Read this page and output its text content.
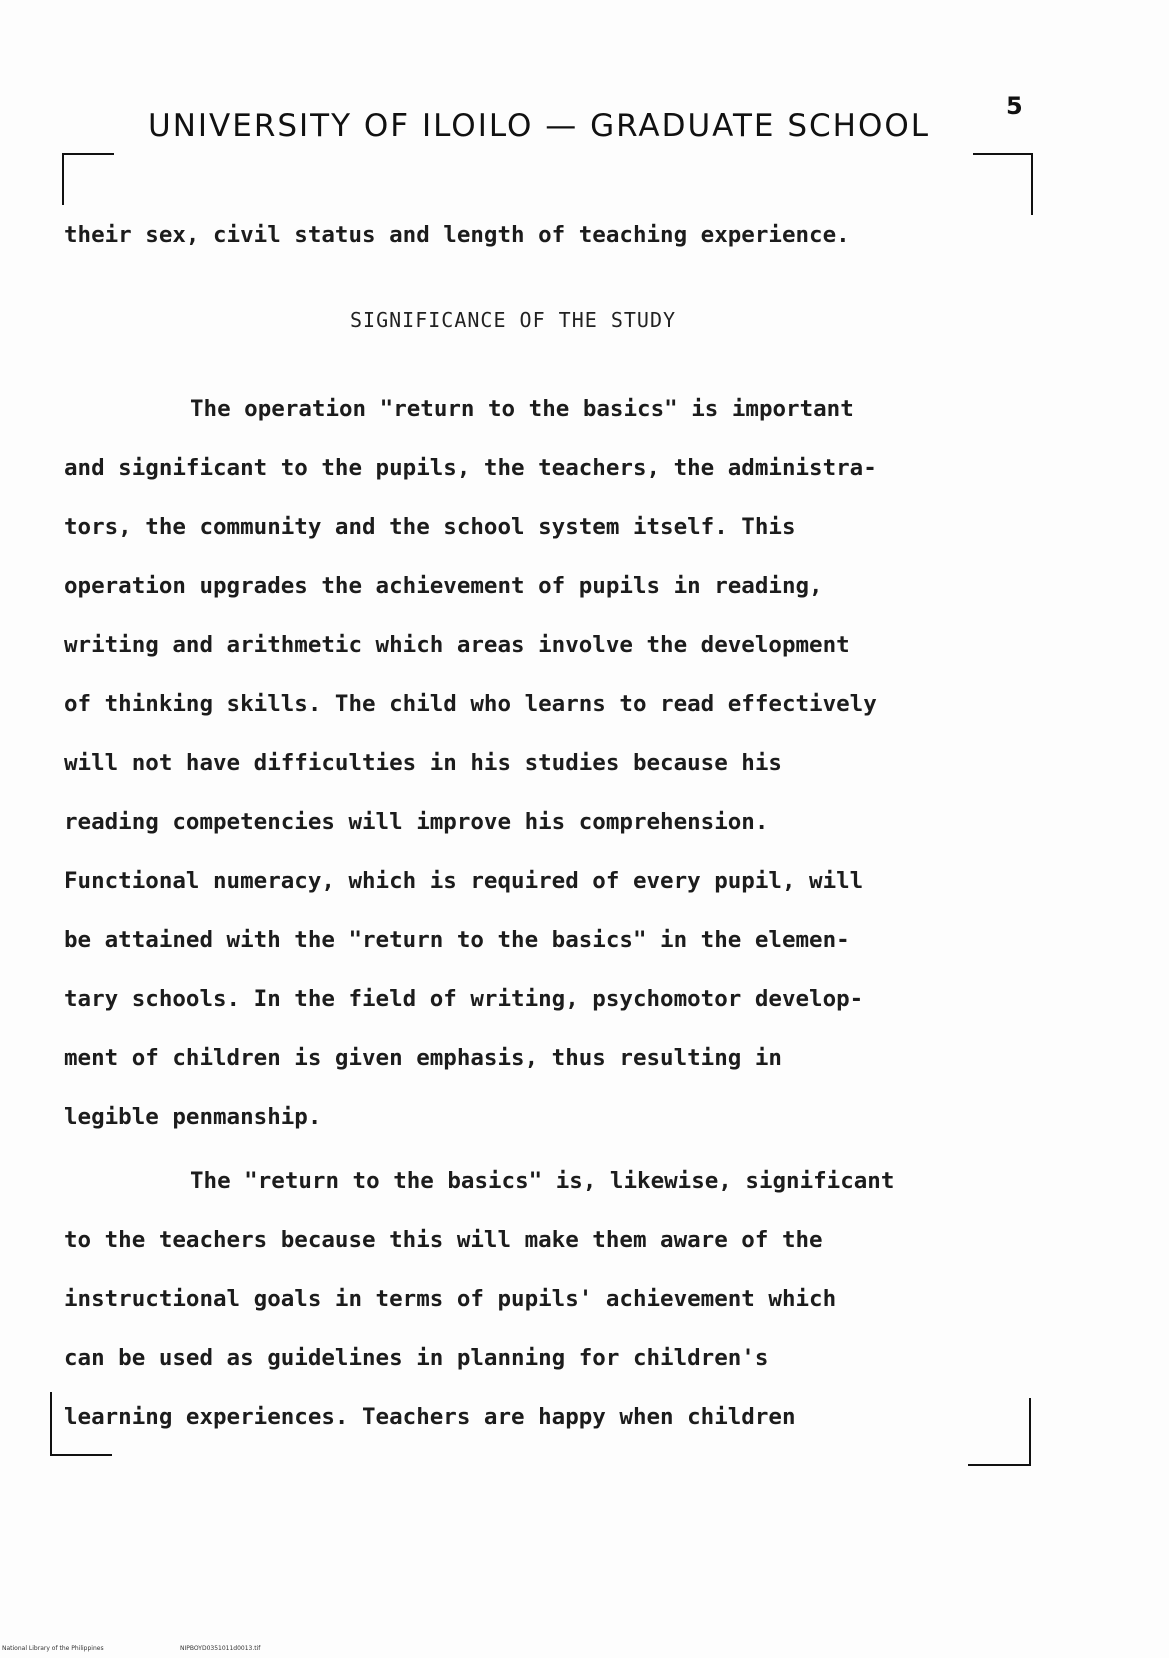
UNIVERSITY OF ILOILO — GRADUATE SCHOOL
5
their sex, civil status and length of teaching experience.
SIGNIFICANCE OF THE STUDY
The operation "return to the basics" is important
and significant to the pupils, the teachers, the administra-
tors, the community and the school system itself. This
operation upgrades the achievement of pupils in reading,
writing and arithmetic which areas involve the development
of thinking skills. The child who learns to read effectively
will not have difficulties in his studies because his
reading competencies will improve his comprehension.
Functional numeracy, which is required of every pupil, will
be attained with the "return to the basics" in the elemen-
tary schools. In the field of writing, psychomotor develop-
ment of children is given emphasis, thus resulting in
legible penmanship.
The "return to the basics" is, likewise, significant
to the teachers because this will make them aware of the
instructional goals in terms of pupils' achievement which
can be used as guidelines in planning for children's
learning experiences. Teachers are happy when children
National Library of the Philippines	NIPBOYD0351011d0013.tif
